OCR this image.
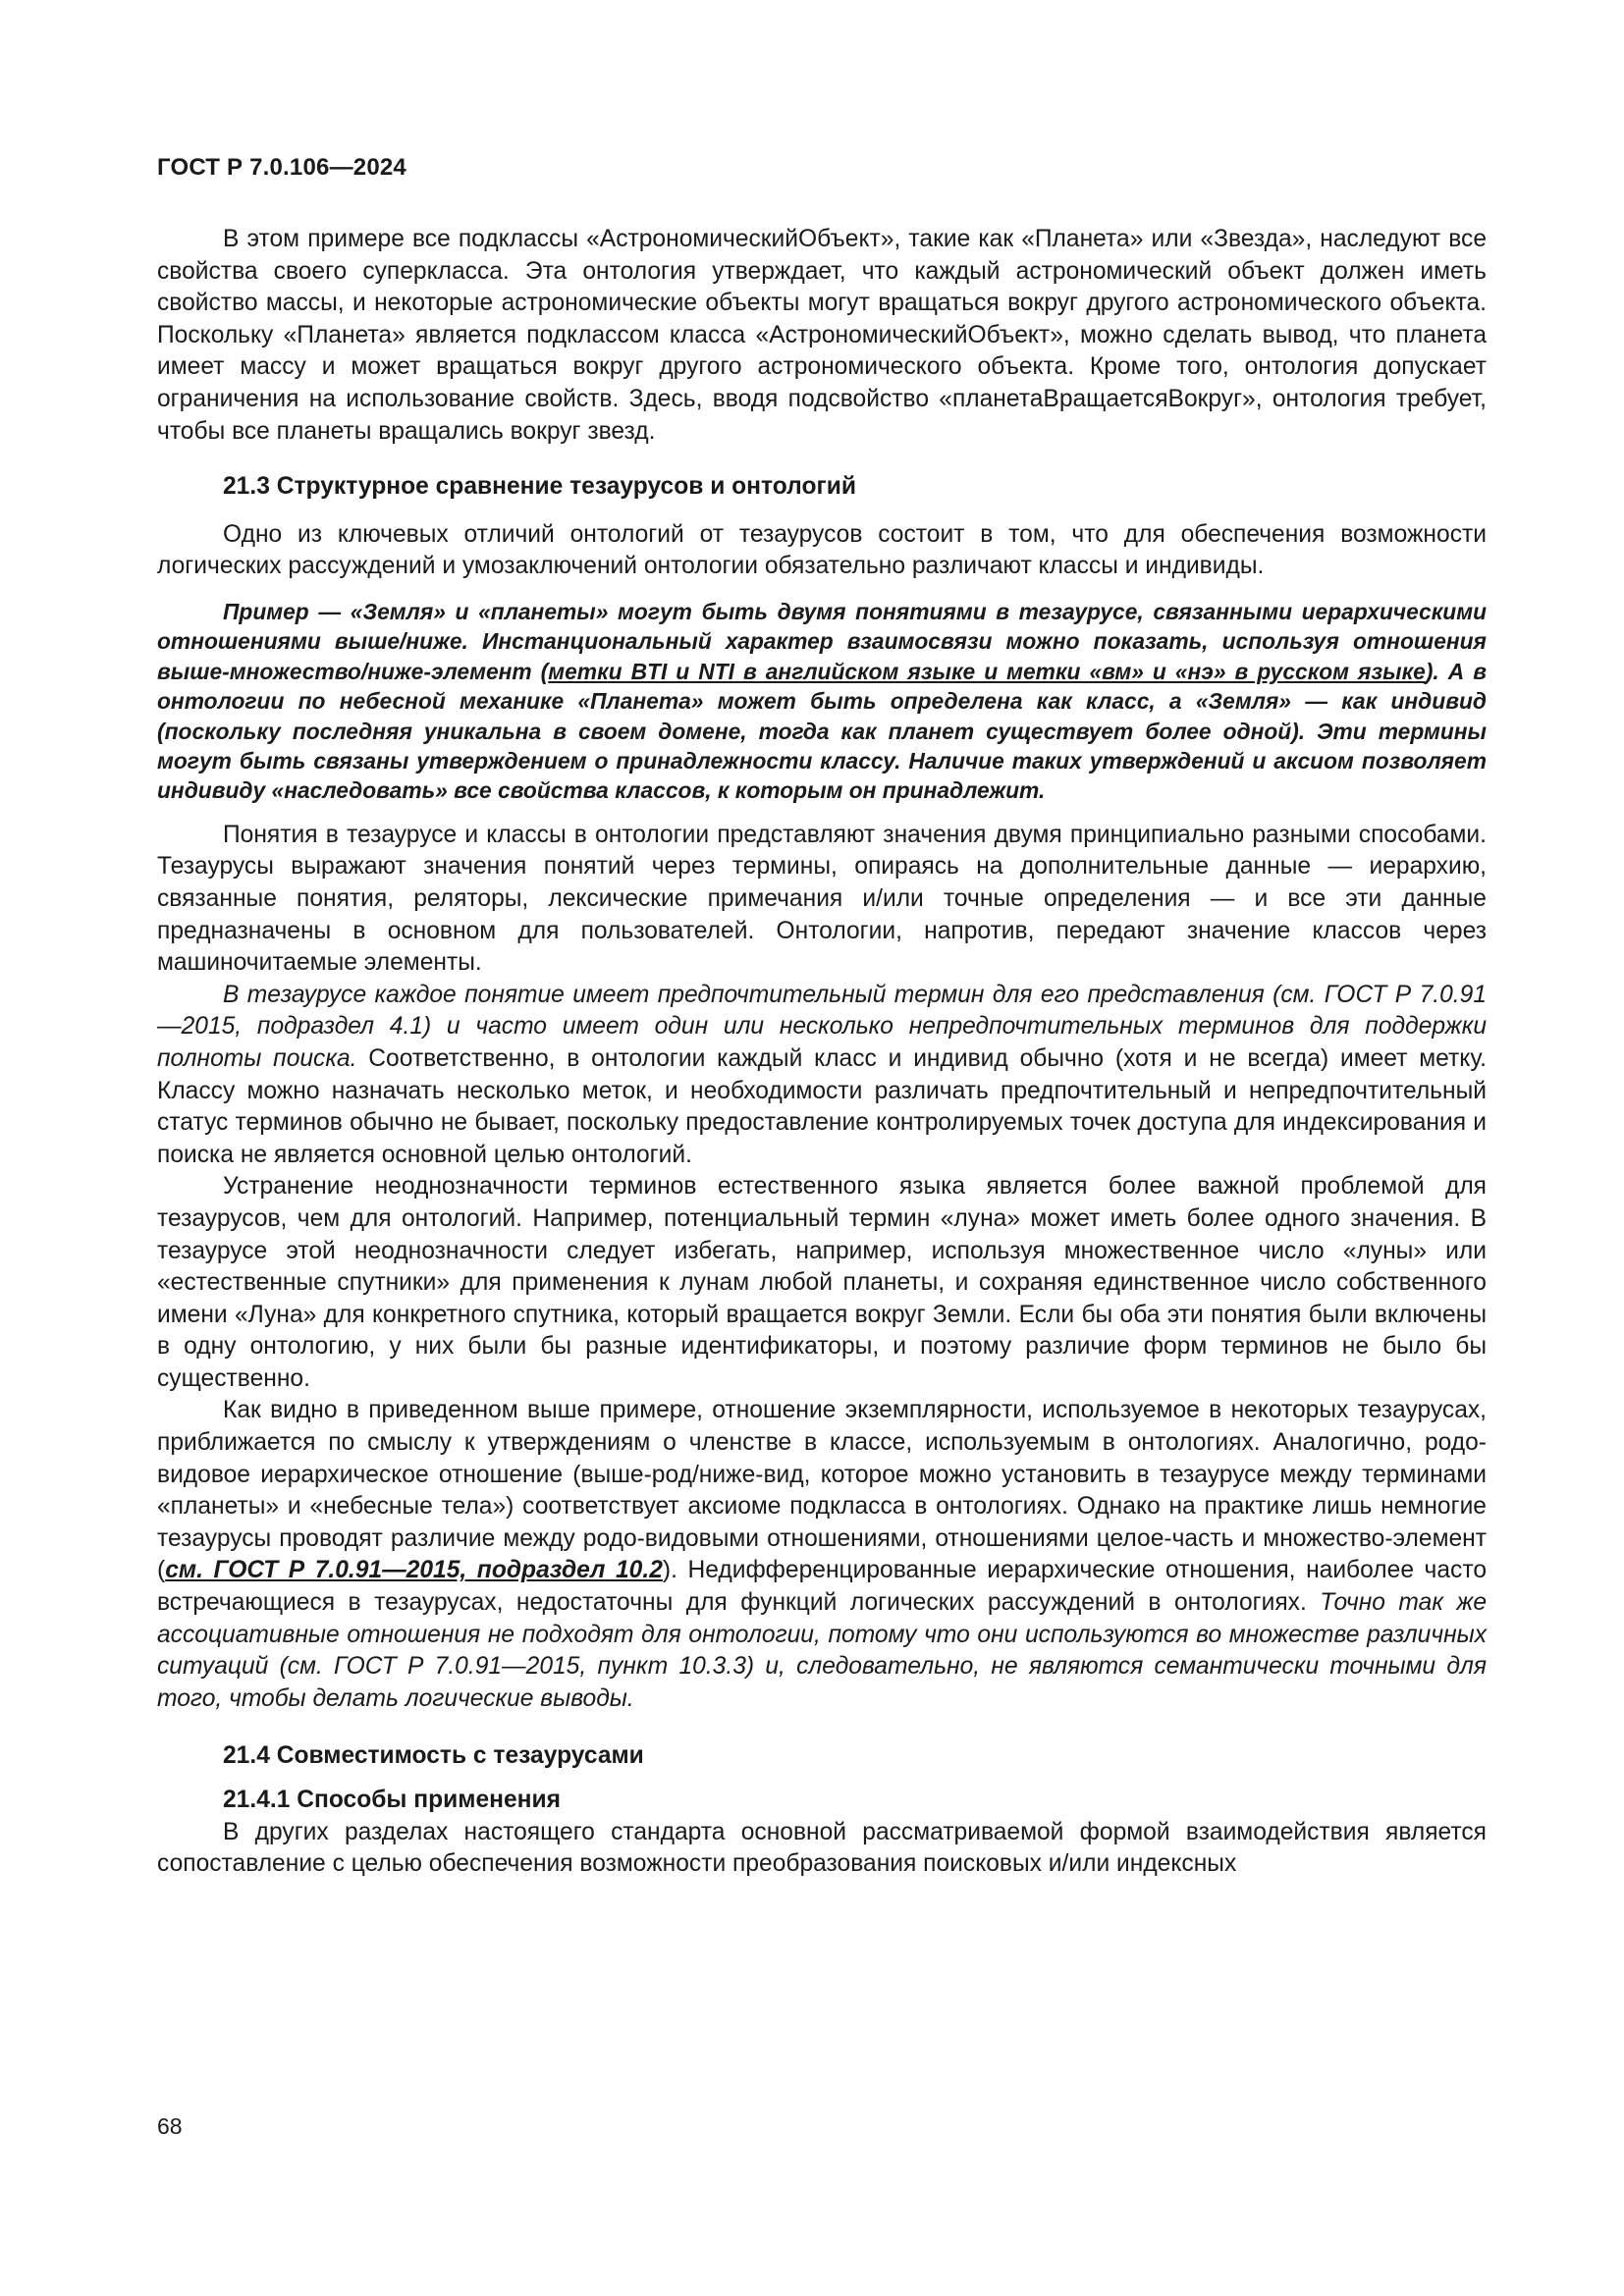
ГОСТ Р 7.0.106—2024

В этом примере все подклассы «АстрономическийОбъект», такие как «Планета» или «Звезда», наследуют все свойства своего суперкласса. Эта онтология утверждает, что каждый астрономический объект должен иметь свойство массы, и некоторые астрономические объекты могут вращаться вокруг другого астрономического объекта. Поскольку «Планета» является подклассом класса «АстрономическийОбъект», можно сделать вывод, что планета имеет массу и может вращаться вокруг другого астрономического объекта. Кроме того, онтология допускает ограничения на использование свойств. Здесь, вводя подсвойство «планетаВращаетсяВокруг», онтология требует, чтобы все планеты вращались вокруг звезд.

21.3 Структурное сравнение тезаурусов и онтологий

Одно из ключевых отличий онтологий от тезаурусов состоит в том, что для обеспечения возможности логических рассуждений и умозаключений онтологии обязательно различают классы и индивиды.

Пример — «Земля» и «планеты» могут быть двумя понятиями в тезаурусе, связанными иерархическими отношениями выше/ниже. Инстанциональный характер взаимосвязи можно показать, используя отношения выше-множество/ниже-элемент (метки BTI и NTI в английском языке и метки «вм» и «нэ» в русском языке). А в онтологии по небесной механике «Планета» может быть определена как класс, а «Земля» — как индивид (поскольку последняя уникальна в своем домене, тогда как планет существует более одной). Эти термины могут быть связаны утверждением о принадлежности классу. Наличие таких утверждений и аксиом позволяет индивиду «наследовать» все свойства классов, к которым он принадлежит.

Понятия в тезаурусе и классы в онтологии представляют значения двумя принципиально разными способами. Тезаурусы выражают значения понятий через термины, опираясь на дополнительные данные — иерархию, связанные понятия, реляторы, лексические примечания и/или точные определения — и все эти данные предназначены в основном для пользователей. Онтологии, напротив, передают значение классов через машиночитаемые элементы.

В тезаурусе каждое понятие имеет предпочтительный термин для его представления (см. ГОСТ Р 7.0.91—2015, подраздел 4.1) и часто имеет один или несколько непредпочтительных терминов для поддержки полноты поиска. Соответственно, в онтологии каждый класс и индивид обычно (хотя и не всегда) имеет метку. Классу можно назначать несколько меток, и необходимости различать предпочтительный и непредпочтительный статус терминов обычно не бывает, поскольку предоставление контролируемых точек доступа для индексирования и поиска не является основной целью онтологий.

Устранение неоднозначности терминов естественного языка является более важной проблемой для тезаурусов, чем для онтологий. Например, потенциальный термин «луна» может иметь более одного значения. В тезаурусе этой неоднозначности следует избегать, например, используя множественное число «луны» или «естественные спутники» для применения к лунам любой планеты, и сохраняя единственное число собственного имени «Луна» для конкретного спутника, который вращается вокруг Земли. Если бы оба эти понятия были включены в одну онтологию, у них были бы разные идентификаторы, и поэтому различие форм терминов не было бы существенно.

Как видно в приведенном выше примере, отношение экземплярности, используемое в некоторых тезаурусах, приближается по смыслу к утверждениям о членстве в классе, используемым в онтологиях. Аналогично, родо-видовое иерархическое отношение (выше-род/ниже-вид, которое можно установить в тезаурусе между терминами «планеты» и «небесные тела») соответствует аксиоме подкласса в онтологиях. Однако на практике лишь немногие тезаурусы проводят различие между родо-видовыми отношениями, отношениями целое-часть и множество-элемент (см. ГОСТ Р 7.0.91—2015, подраздел 10.2). Недифференцированные иерархические отношения, наиболее часто встречающиеся в тезаурусах, недостаточны для функций логических рассуждений в онтологиях. Точно так же ассоциативные отношения не подходят для онтологии, потому что они используются во множестве различных ситуаций (см. ГОСТ Р 7.0.91—2015, пункт 10.3.3) и, следовательно, не являются семантически точными для того, чтобы делать логические выводы.

21.4 Совместимость с тезаурусами
21.4.1 Способы применения

В других разделах настоящего стандарта основной рассматриваемой формой взаимодействия является сопоставление с целью обеспечения возможности преобразования поисковых и/или индексных

68
